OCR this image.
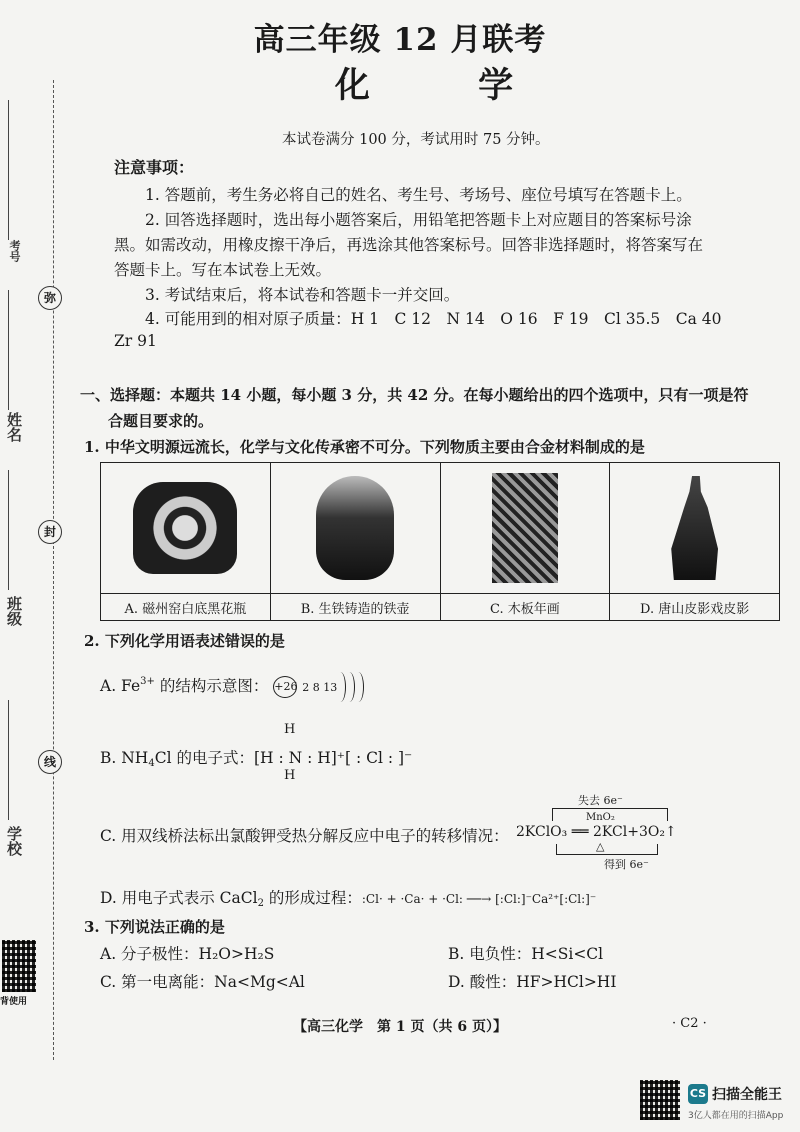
考号
弥
姓名
封
班级
线
学校
背使用
高三年级 12 月联考
化 学
本试卷满分 100 分，考试用时 75 分钟。
注意事项：
1. 答题前，考生务必将自己的姓名、考生号、考场号、座位号填写在答题卡上。
2. 回答选择题时，选出每小题答案后，用铅笔把答题卡上对应题目的答案标号涂
黑。如需改动，用橡皮擦干净后，再选涂其他答案标号。回答非选择题时，将答案写在
答题卡上。写在本试卷上无效。
3. 考试结束后，将本试卷和答题卡一并交回。
4. 可能用到的相对原子质量：H 1　C 12　N 14　O 16　F 19　Cl 35.5　Ca 40
Zr 91
一、选择题：本题共 14 小题，每小题 3 分，共 42 分。在每小题给出的四个选项中，只有一项是符
合题目要求的。
1. 中华文明源远流长，化学与文化传承密不可分。下列物质主要由合金材料制成的是

A. 磁州窑白底黑花瓶	B. 生铁铸造的铁壶	C. 木板年画	D. 唐山皮影戏皮影
2. 下列化学用语表述错误的是
A. $Fe^{3+}$ 的结构示意图： +26 2 8 13
H
B. $NH_4Cl$ 的电子式：[H : N : H]⁺[ : Cl : ]⁻
H
C. 用双线桥法标出氯酸钾受热分解反应中电子的转移情况：
失去 6e⁻
MnO₂
2KClO₃ ══ 2KCl+3O₂↑
△
得到 6e⁻
D. 用电子式表示 CaCl$_2$ 的形成过程：:Cl· + ·Ca· + ·Cl: ──→ [:Cl:]⁻Ca²⁺[:Cl:]⁻
3. 下列说法正确的是
A. 分子极性：H₂O>H₂S	B. 电负性：H<Si<Cl
C. 第一电离能：Na<Mg<Al	D. 酸性：HF>HCl>HI
【高三化学　第 1 页（共 6 页）】	· C2 ·
CS 扫描全能王
3亿人都在用的扫描App
